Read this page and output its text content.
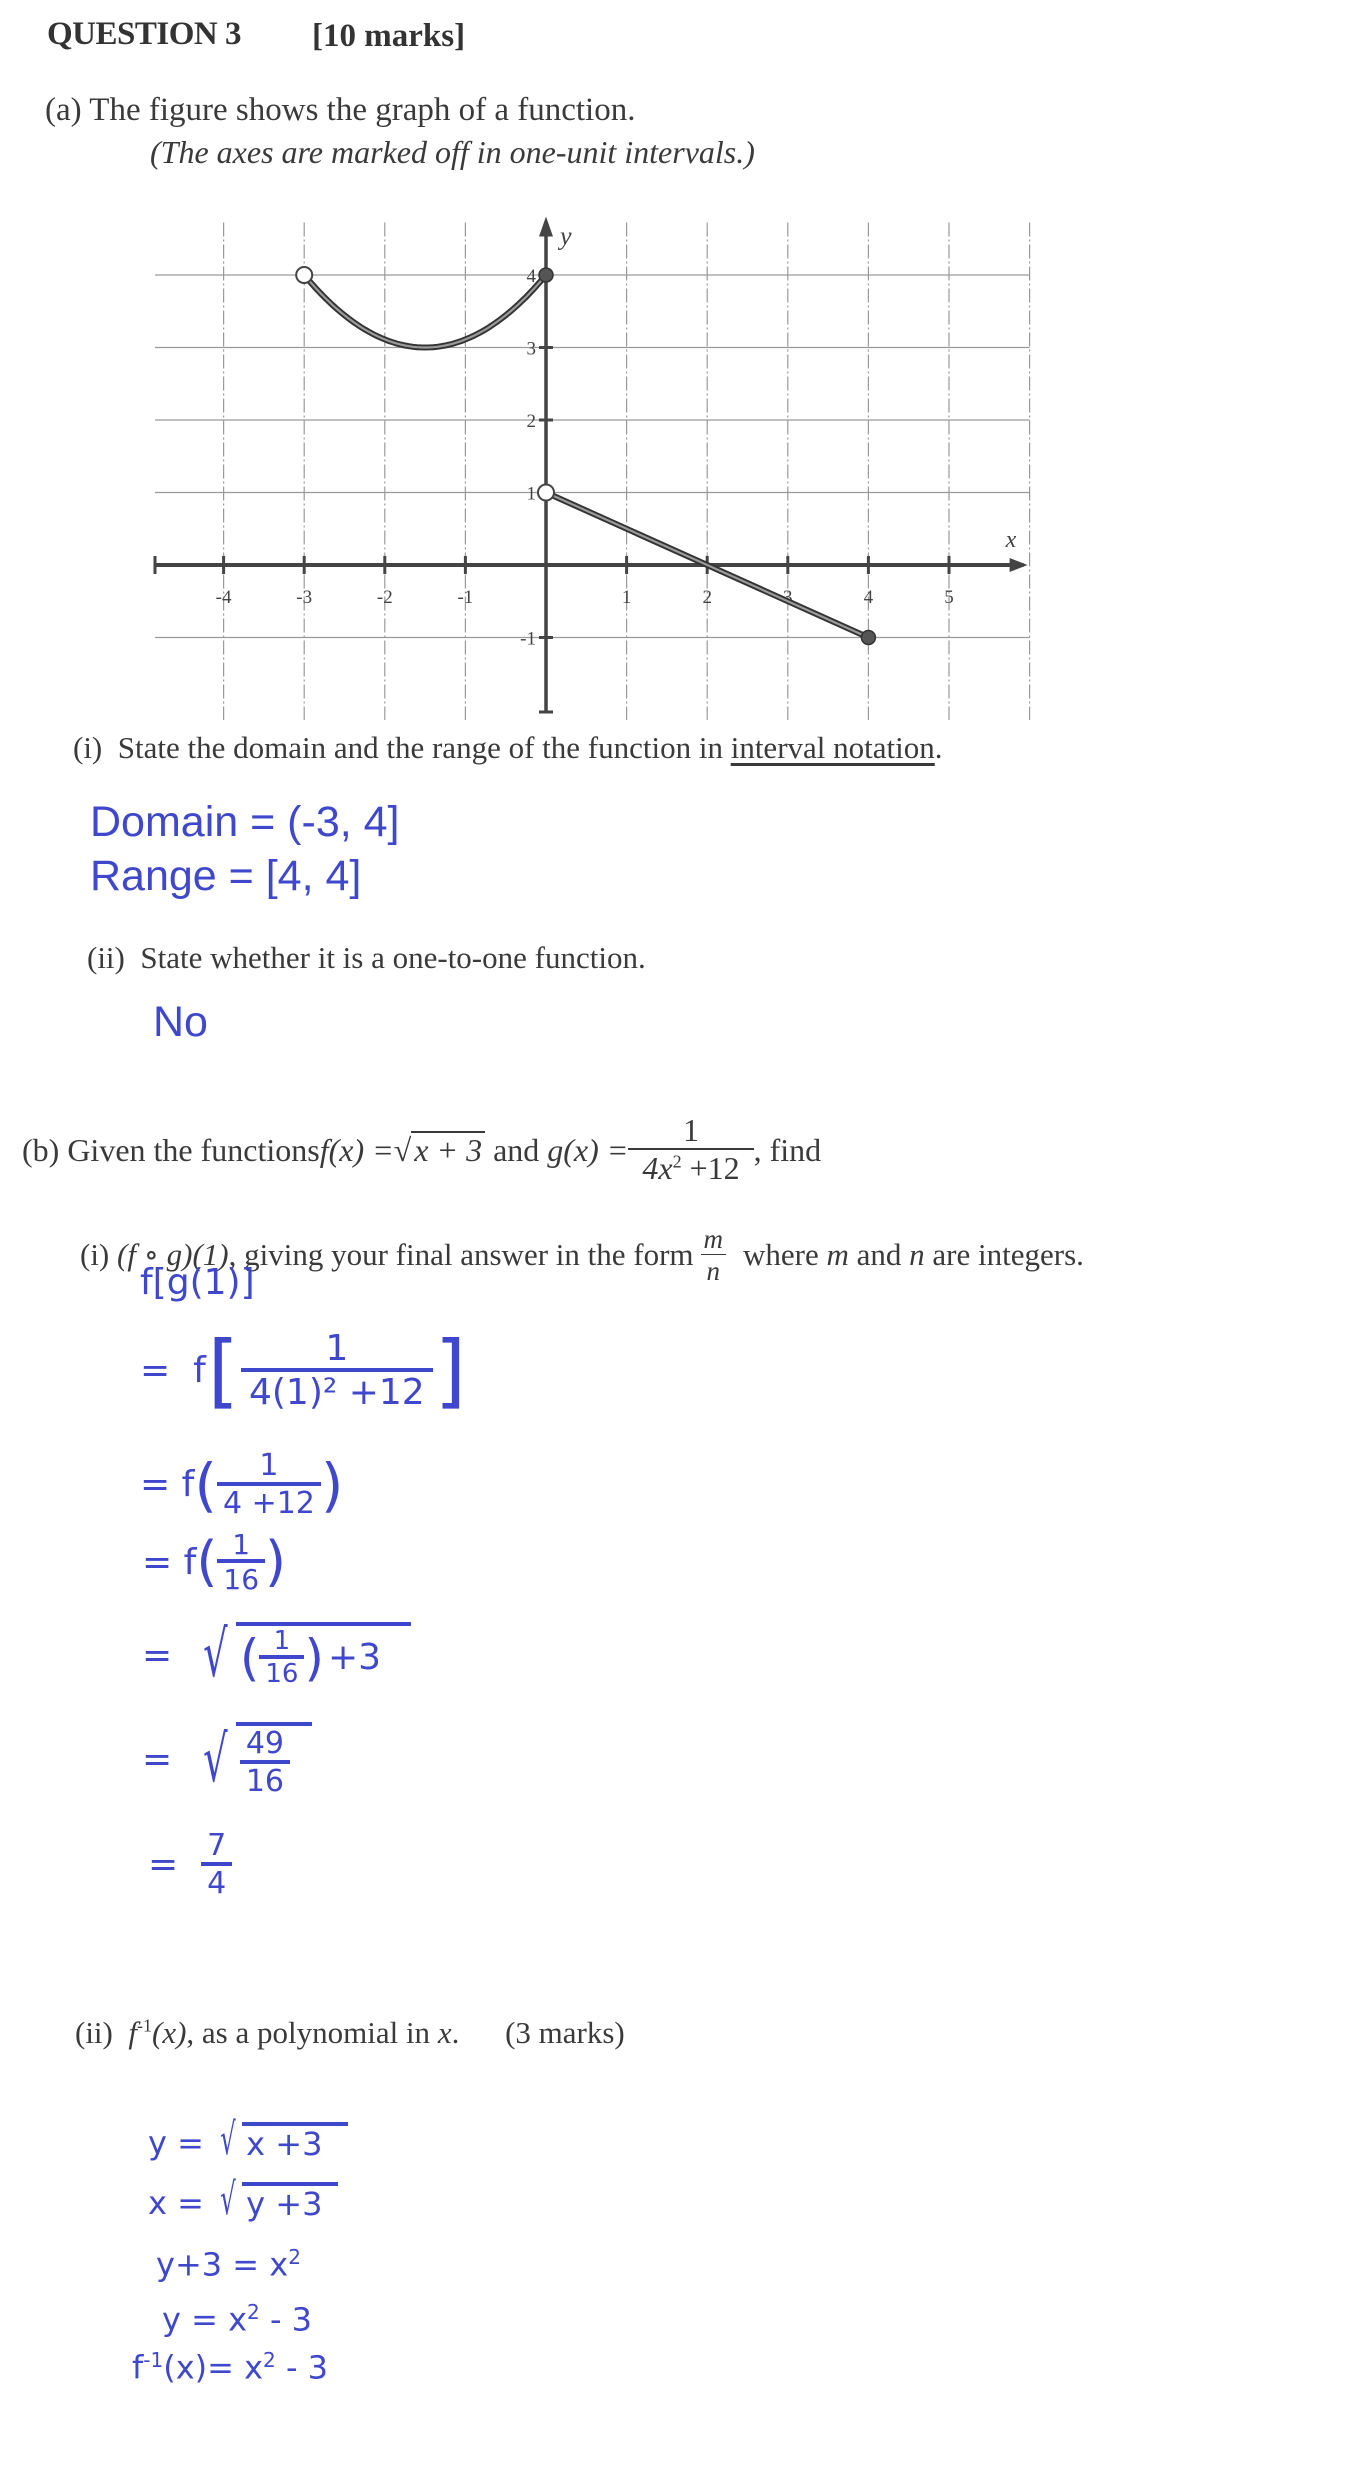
QUESTION 3 [10 marks]
(a) The figure shows the graph of a function.
(The axes are marked off in one-unit intervals.)
x
y
-4	-3	-2	-1	1	2	3	4	5
-1
1
2
3
4
(i) State the domain and the range of the function in interval notation.
Domain = (-3, 4]
Range = [4, 4]
(ii) State whether it is a one-to-one function.
No
(b)
Given the functions f(x) = √ x + 3
and
$g(x) = \frac{1}{4x^2 +12}$ , find
(i)
(f ∘ g)(1) , giving your final answer in the form $\frac{m}{n}$ where
m
and
n
are integers.
f[g(1)]
=
f [ $\frac{1}{\text{4(1)² +12}}$ ]
=
f ( $\frac{1}{4 +12}$ )
=
f ( $\frac{1}{16}$ )
=
√ ( $\frac{1}{16}$ ) +3
=
√ $\frac{49}{16}$
=
$\frac{7}{4}$
(ii) $f^{-1}(x)$, as a polynomial in x. (3 marks)
y =
√ x +3
x =
√ y +3
$y+3 = x^2$
$y = x^2 - 3$
$f^{-1}(x)= x^2 - 3$
